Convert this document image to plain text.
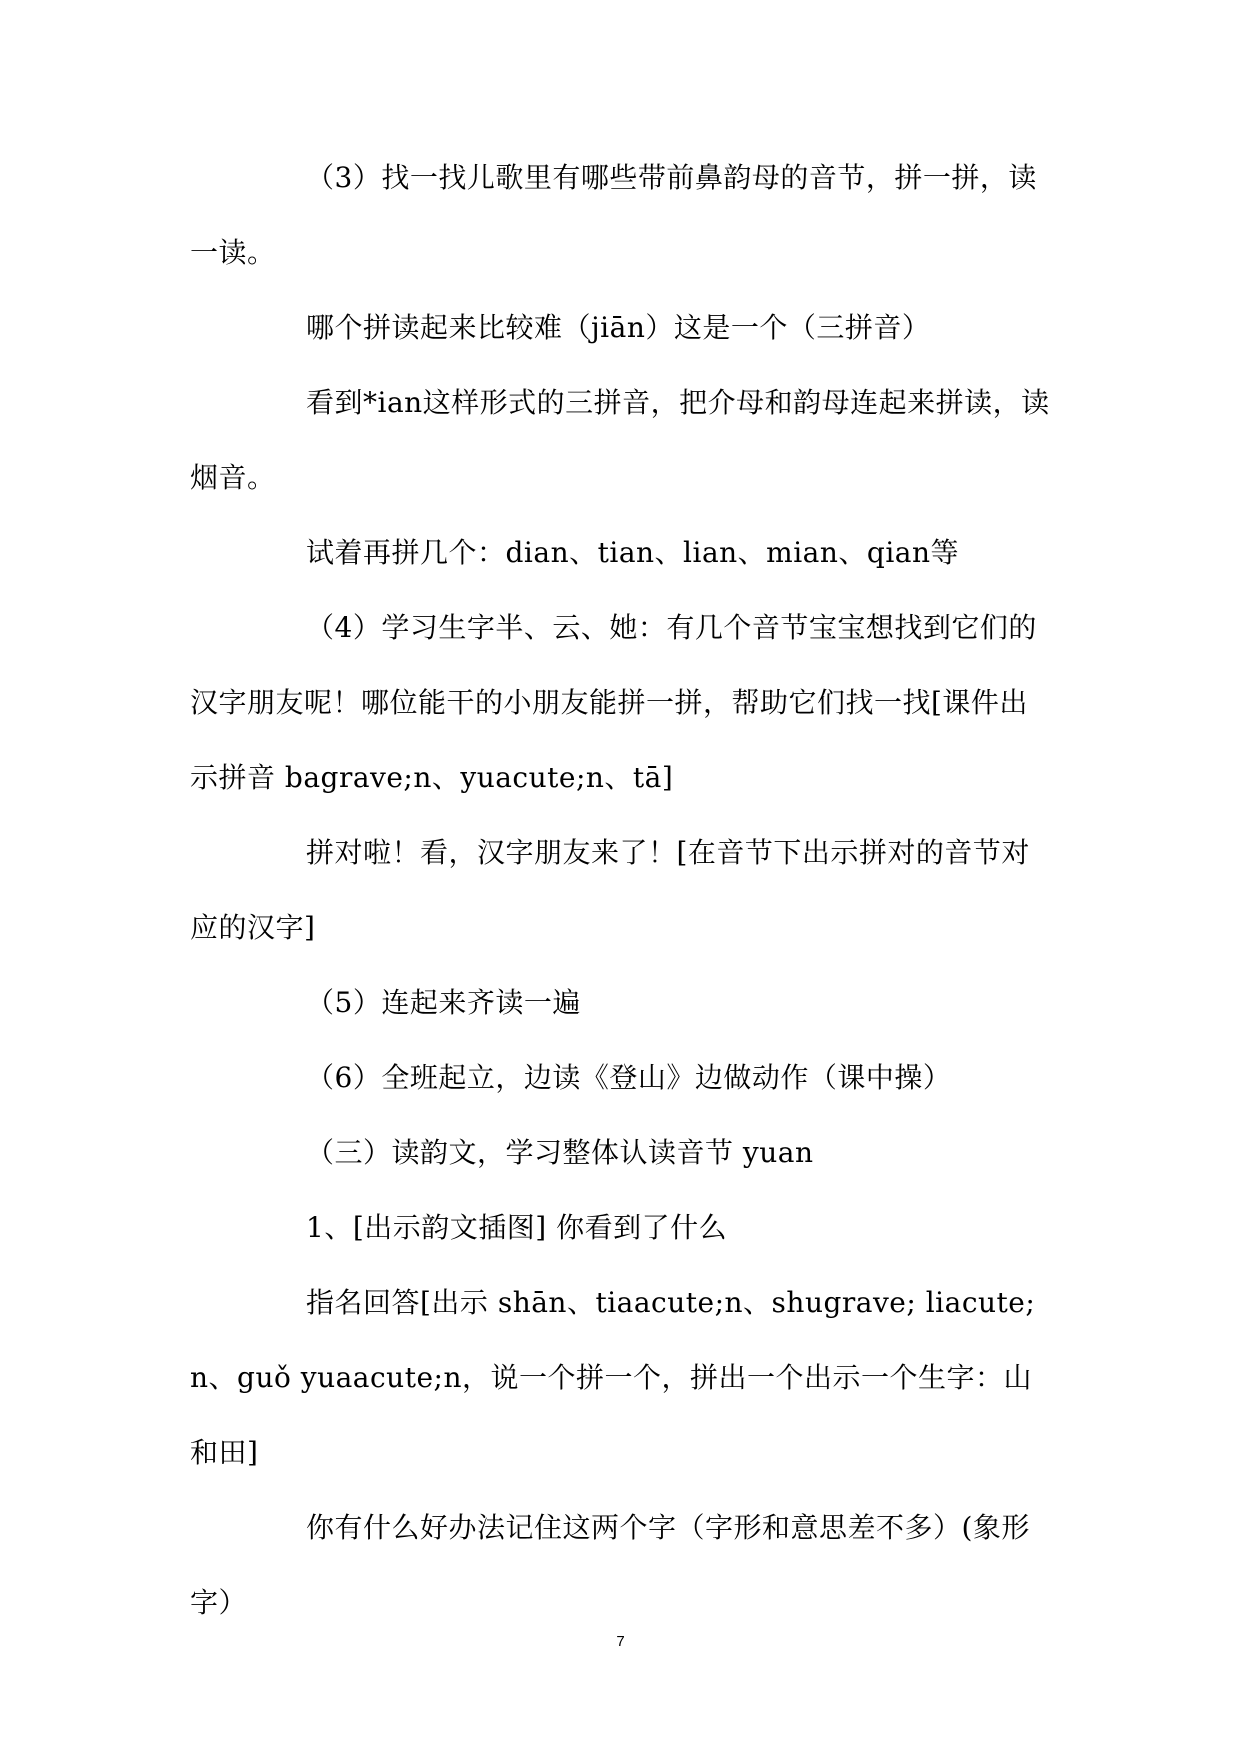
（3）找一找儿歌里有哪些带前鼻韵母的音节，拼一拼，读一读。

哪个拼读起来比较难（jiān）这是一个（三拼音）

看到*ian这样形式的三拼音，把介母和韵母连起来拼读，读烟音。

试着再拼几个：dian、tian、lian、mian、qian等

（4）学习生字半、云、她：有几个音节宝宝想找到它们的汉字朋友呢！哪位能干的小朋友能拼一拼，帮助它们找一找[课件出示拼音 bagrave;n、yuacute;n、tā]

拼对啦！看，汉字朋友来了！[在音节下出示拼对的音节对应的汉字]

（5）连起来齐读一遍

（6）全班起立，边读《登山》边做动作（课中操）

（三）读韵文，学习整体认读音节 yuan

1、[出示韵文插图] 你看到了什么

指名回答[出示 shān、tiaacute;n、shugrave; liacute;n、guǒ yuaacute;n，说一个拼一个，拼出一个出示一个生字：山和田]

你有什么好办法记住这两个字（字形和意思差不多）(象形字）

7
